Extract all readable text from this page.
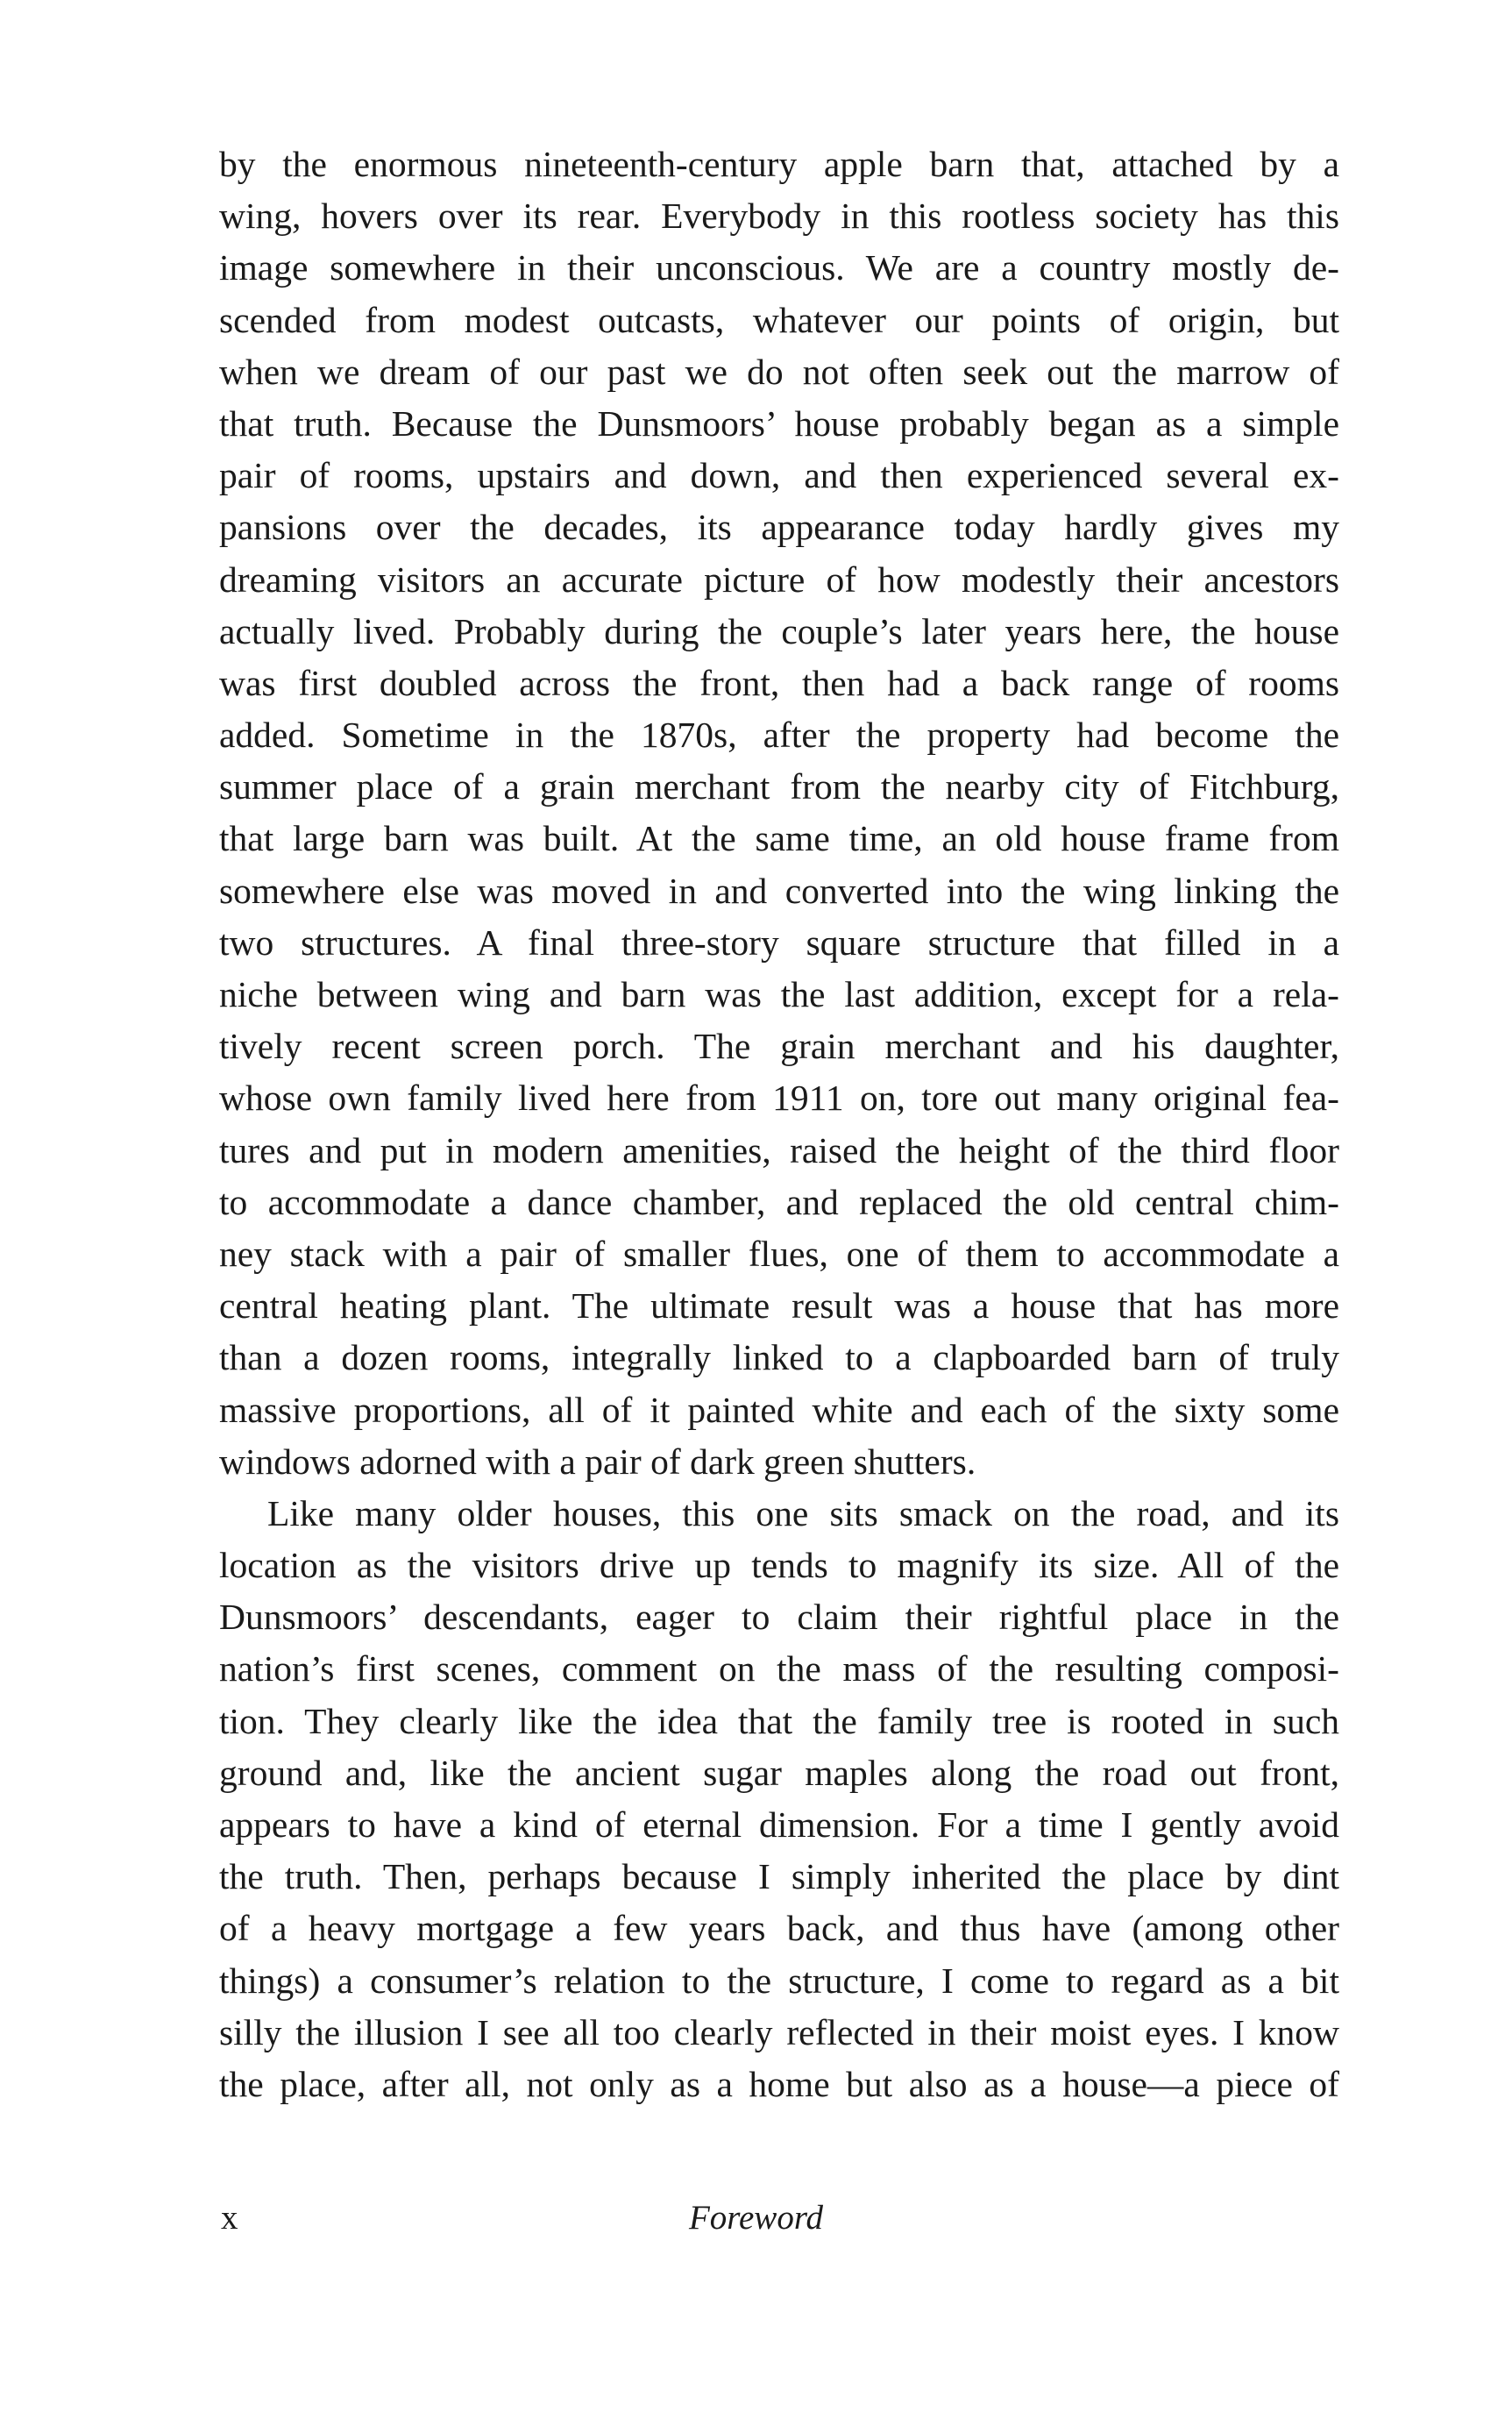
by the enormous nineteenth-century apple barn that, attached by a
wing, hovers over its rear. Everybody in this rootless society has this
image somewhere in their unconscious. We are a country mostly de-
scended from modest outcasts, whatever our points of origin, but
when we dream of our past we do not often seek out the marrow of
that truth. Because the Dunsmoors’ house probably began as a simple
pair of rooms, upstairs and down, and then experienced several ex-
pansions over the decades, its appearance today hardly gives my
dreaming visitors an accurate picture of how modestly their ancestors
actually lived. Probably during the couple’s later years here, the house
was first doubled across the front, then had a back range of rooms
added. Sometime in the 1870s, after the property had become the
summer place of a grain merchant from the nearby city of Fitchburg,
that large barn was built. At the same time, an old house frame from
somewhere else was moved in and converted into the wing linking the
two structures. A final three-story square structure that filled in a
niche between wing and barn was the last addition, except for a rela-
tively recent screen porch. The grain merchant and his daughter,
whose own family lived here from 1911 on, tore out many original fea-
tures and put in modern amenities, raised the height of the third floor
to accommodate a dance chamber, and replaced the old central chim-
ney stack with a pair of smaller flues, one of them to accommodate a
central heating plant. The ultimate result was a house that has more
than a dozen rooms, integrally linked to a clapboarded barn of truly
massive proportions, all of it painted white and each of the sixty some
windows adorned with a pair of dark green shutters.
Like many older houses, this one sits smack on the road, and its
location as the visitors drive up tends to magnify its size. All of the
Dunsmoors’ descendants, eager to claim their rightful place in the
nation’s first scenes, comment on the mass of the resulting composi-
tion. They clearly like the idea that the family tree is rooted in such
ground and, like the ancient sugar maples along the road out front,
appears to have a kind of eternal dimension. For a time I gently avoid
the truth. Then, perhaps because I simply inherited the place by dint
of a heavy mortgage a few years back, and thus have (among other
things) a consumer’s relation to the structure, I come to regard as a bit
silly the illusion I see all too clearly reflected in their moist eyes. I know
the place, after all, not only as a home but also as a house—a piece of
x	Foreword
